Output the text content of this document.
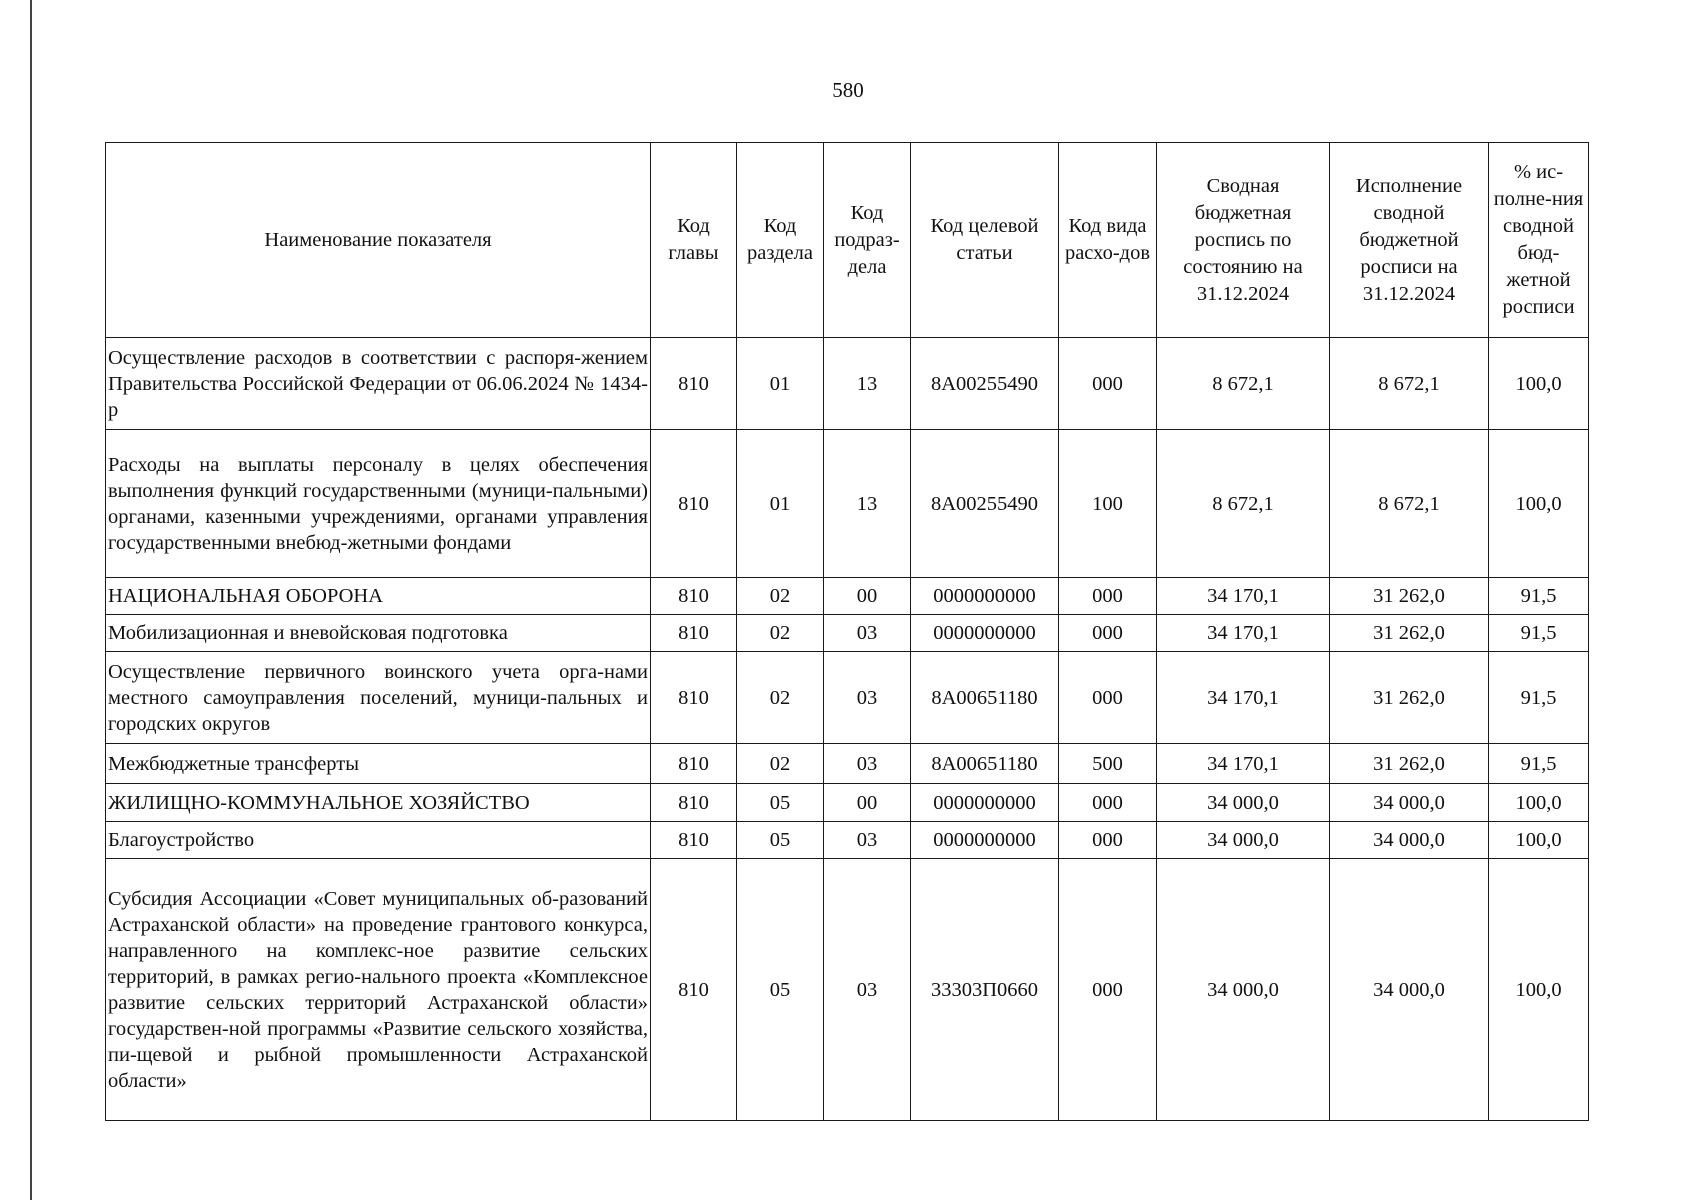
580
Наименование показателя	Код главы	Код раздела	Код подраз-дела	Код целевой статьи	Код вида расхо-дов	Сводная бюджетная роспись по состоянию на 31.12.2024	Исполнение сводной бюджетной росписи на 31.12.2024	% ис-полне-ния сводной бюд-жетной росписи
Осуществление расходов в соответствии с распоря-жением Правительства Российской Федерации от 06.06.2024 № 1434-р	810	01	13	8А00255490	000	8 672,1	8 672,1	100,0
Расходы на выплаты персоналу в целях обеспечения выполнения функций государственными (муници-пальными) органами, казенными учреждениями, органами управления государственными внебюд-жетными фондами	810	01	13	8А00255490	100	8 672,1	8 672,1	100,0
НАЦИОНАЛЬНАЯ ОБОРОНА	810	02	00	0000000000	000	34 170,1	31 262,0	91,5
Мобилизационная и вневойсковая подготовка	810	02	03	0000000000	000	34 170,1	31 262,0	91,5
Осуществление первичного воинского учета орга-нами местного самоуправления поселений, муници-пальных и городских округов	810	02	03	8А00651180	000	34 170,1	31 262,0	91,5
Межбюджетные трансферты	810	02	03	8А00651180	500	34 170,1	31 262,0	91,5
ЖИЛИЩНО-КОММУНАЛЬНОЕ ХОЗЯЙСТВО	810	05	00	0000000000	000	34 000,0	34 000,0	100,0
Благоустройство	810	05	03	0000000000	000	34 000,0	34 000,0	100,0
Субсидия Ассоциации «Совет муниципальных об-разований Астраханской области» на проведение грантового конкурса, направленного на комплекс-ное развитие сельских территорий, в рамках регио-нального проекта «Комплексное развитие сельских территорий Астраханской области» государствен-ной программы «Развитие сельского хозяйства, пи-щевой и рыбной промышленности Астраханской области»	810	05	03	33303П0660	000	34 000,0	34 000,0	100,0
